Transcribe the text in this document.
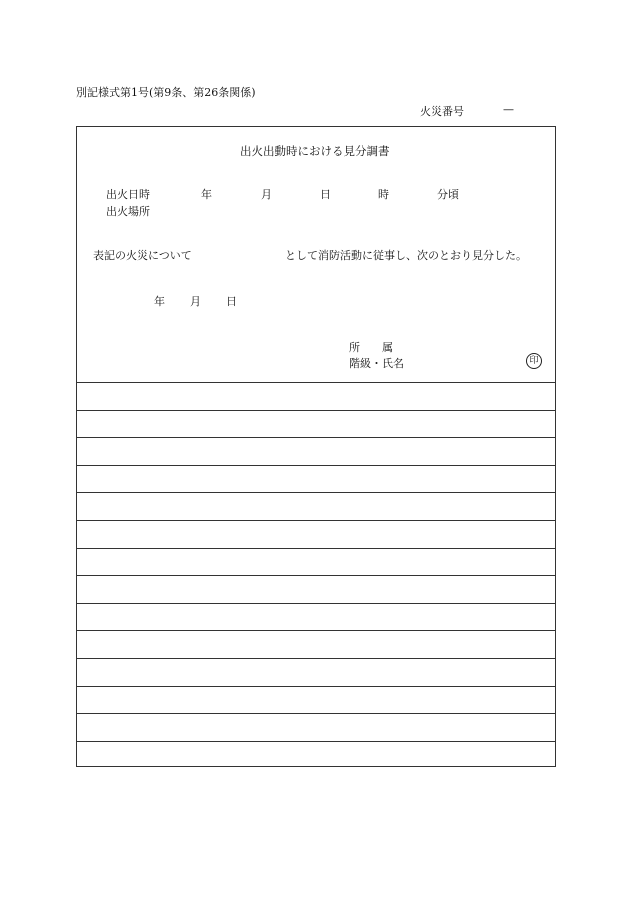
別記様式第1号(第9条、第26条関係)
火災番号	—
出火出動時における見分調書
出火日時	年	月	日	時	分頃
出火場所
表記の火災について	として消防活動に従事し、次のとおり見分した。
年 月 日
所　　属
階級・氏名	印
